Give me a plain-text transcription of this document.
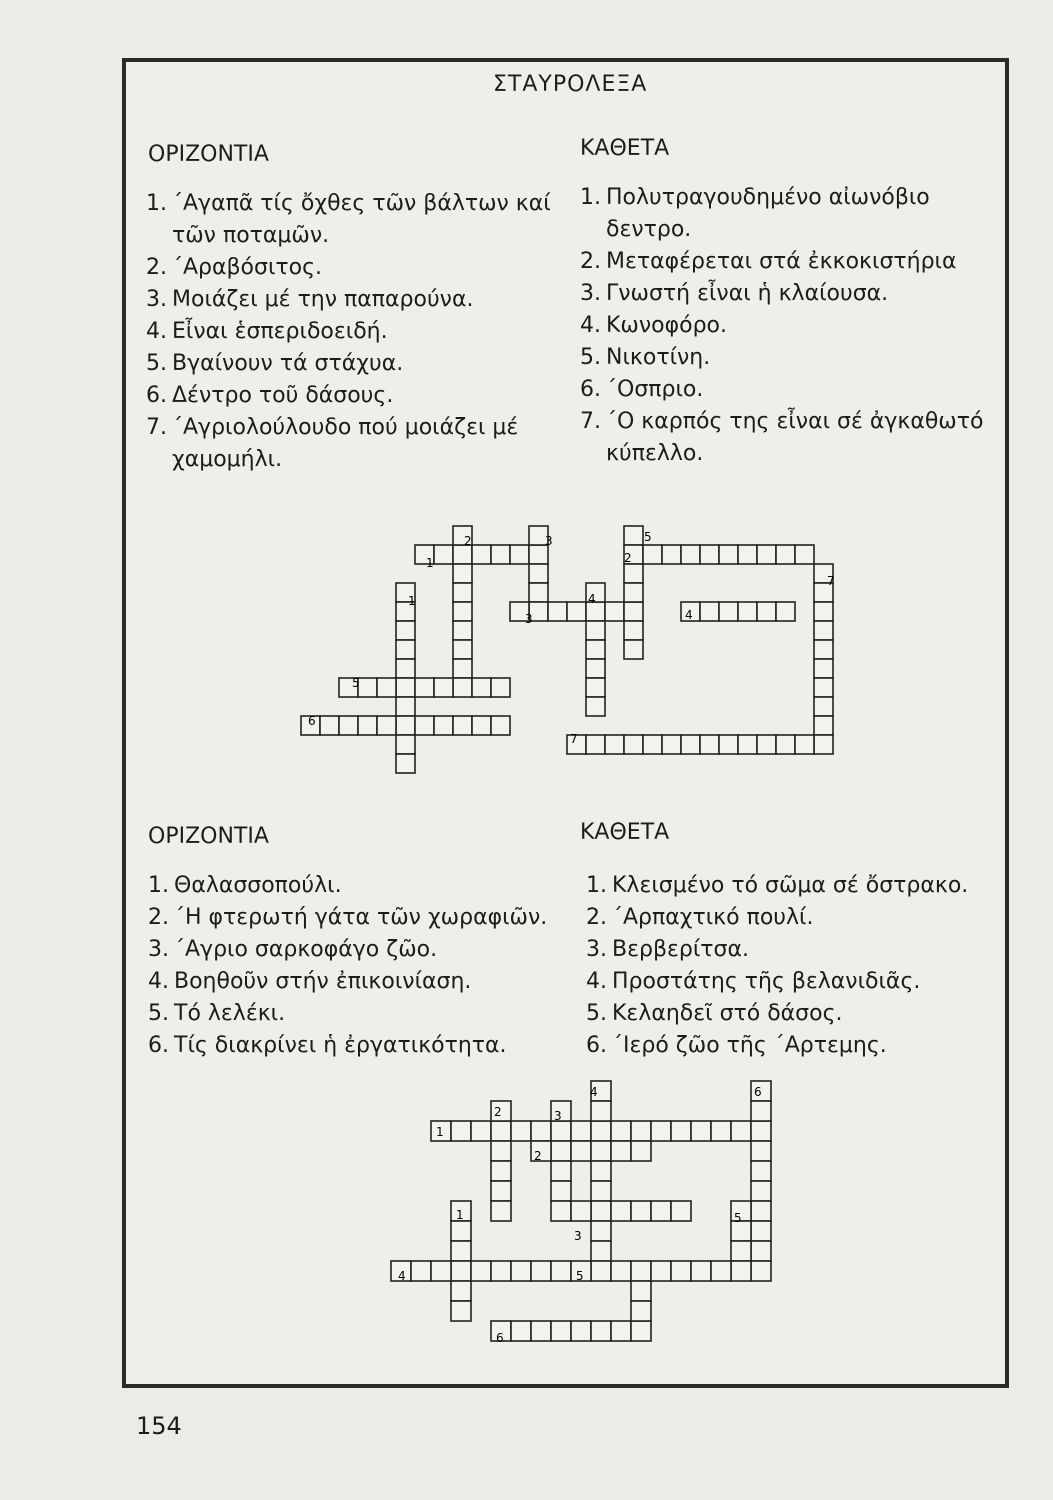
ΣΤΑΥΡΟΛΕΞΑ
ΟΡΙΖΟΝΤΙΑ	ΚΑΘΕΤΑ
1. ΄Αγαπᾶ τίς ὄχθες τῶν βάλτων καί τῶν ποταμῶν.
2. ΄Αραβόσιτος.
3. Μοιάζει μέ την παπαρούνα.
4. Εἶναι ἑσπεριδοειδή.
5. Βγαίνουν τά στάχυα.
6. Δέντρο τοῦ δάσους.
7. ΄Αγριολούλουδο πού μοιάζει μέ χαμομήλι.
1. Πολυτραγουδημένο αἰωνόβιο δεντρο.
2. Μεταφέρεται στά ἐκκοκιστήρια
3. Γνωστή εἶναι ἡ κλαίουσα.
4. Κωνοφόρο.
5. Νικοτίνη.
6. ΄Οσπριο.
7. ΄Ο καρπός της εἶναι σέ ἀγκαθωτό κύπελλο.
1
2	3	5
2
7
1	4
3	4
5
6
7
ΟΡΙΖΟΝΤΙΑ	ΚΑΘΕΤΑ
1. Θαλασσοπούλι.
2. ΄Η φτερωτή γάτα τῶν χωραφιῶν.
3. ΄Αγριο σαρκοφάγο ζῶο.
4. Βοηθοῦν στήν ἐπικοινίαση.
5. Τό λελέκι.
6. Τίς διακρίνει ἡ ἐργατικότητα.
1. Κλεισμένο τό σῶμα σέ ὄστρακο.
2. ΄Αρπαχτικό πουλί.
3. Βερβερίτσα.
4. Προστάτης τῆς βελανιδιᾶς.
5. Κελαηδεῖ στό δάσος.
6. ΄Ιερό ζῶο τῆς ΄Αρτεμης.
4	6
2	3
1
2
1	5
3
4	5
6
154
